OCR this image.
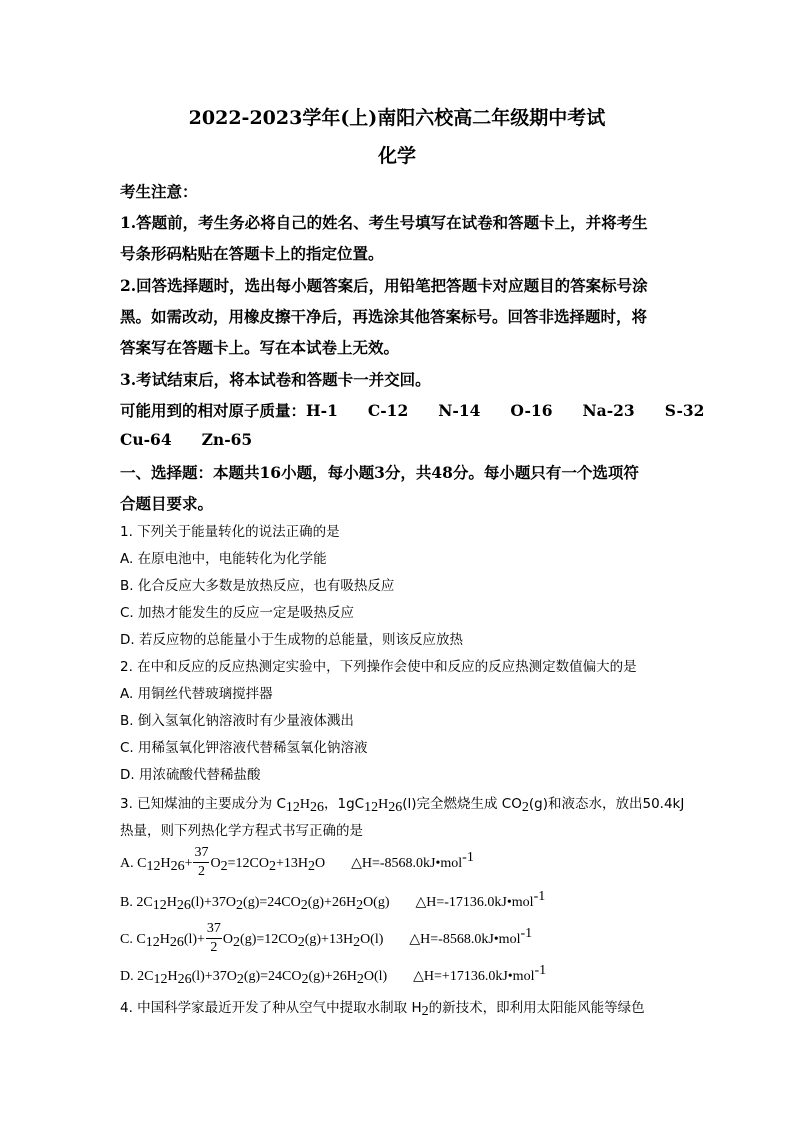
2022-2023学年(上)南阳六校高二年级期中考试
化学
考生注意：
1.答题前，考生务必将自己的姓名、考生号填写在试卷和答题卡上，并将考生
号条形码粘贴在答题卡上的指定位置。
2.回答选择题时，选出每小题答案后，用铅笔把答题卡对应题目的答案标号涂
黑。如需改动，用橡皮擦干净后，再选涂其他答案标号。回答非选择题时，将
答案写在答题卡上。写在本试卷上无效。
3.考试结束后，将本试卷和答题卡一并交回。
可能用到的相对原子质量：H-1 C-12 N-14 O-16 Na-23 S-32
Cu-64 Zn-65
一、选择题：本题共16小题，每小题3分，共48分。每小题只有一个选项符
合题目要求。
1. 下列关于能量转化的说法正确的是
A. 在原电池中，电能转化为化学能
B. 化合反应大多数是放热反应，也有吸热反应
C. 加热才能发生的反应一定是吸热反应
D. 若反应物的总能量小于生成物的总能量，则该反应放热
2. 在中和反应的反应热测定实验中，下列操作会使中和反应的反应热测定数值偏大的是
A. 用铜丝代替玻璃搅拌器
B. 倒入氢氧化钠溶液时有少量液体溅出
C. 用稀氢氧化钾溶液代替稀氢氧化钠溶液
D. 用浓硫酸代替稀盐酸
3. 已知煤油的主要成分为 $C_{12}H_{26}$，$1gC_{12}H_{26}(l)$完全燃烧生成 $CO_2(g)$和液态水，放出50.4kJ
热量，则下列热化学方程式书写正确的是
A. $C_{12}H_{26}+ \frac{37}{2} O_2=12CO_2+13H_2O$ △H=-8568.0kJ•mol$^{-1}$
B. $2C_{12}H_{26}(l)+37O_2(g)=24CO_2(g)+26H_2O(g)$ △H=-17136.0kJ•mol$^{-1}$
C. $C_{12}H_{26}(l)+ \frac{37}{2} O_2(g)=12CO_2(g)+13H_2O(l)$ △H=-8568.0kJ•mol$^{-1}$
D. $2C_{12}H_{26}(l)+37O_2(g)=24CO_2(g)+26H_2O(l)$ △H=+17136.0kJ•mol$^{-1}$
4. 中国科学家最近开发了种从空气中提取水制取 $H_2$的新技术，即利用太阳能风能等绿色
